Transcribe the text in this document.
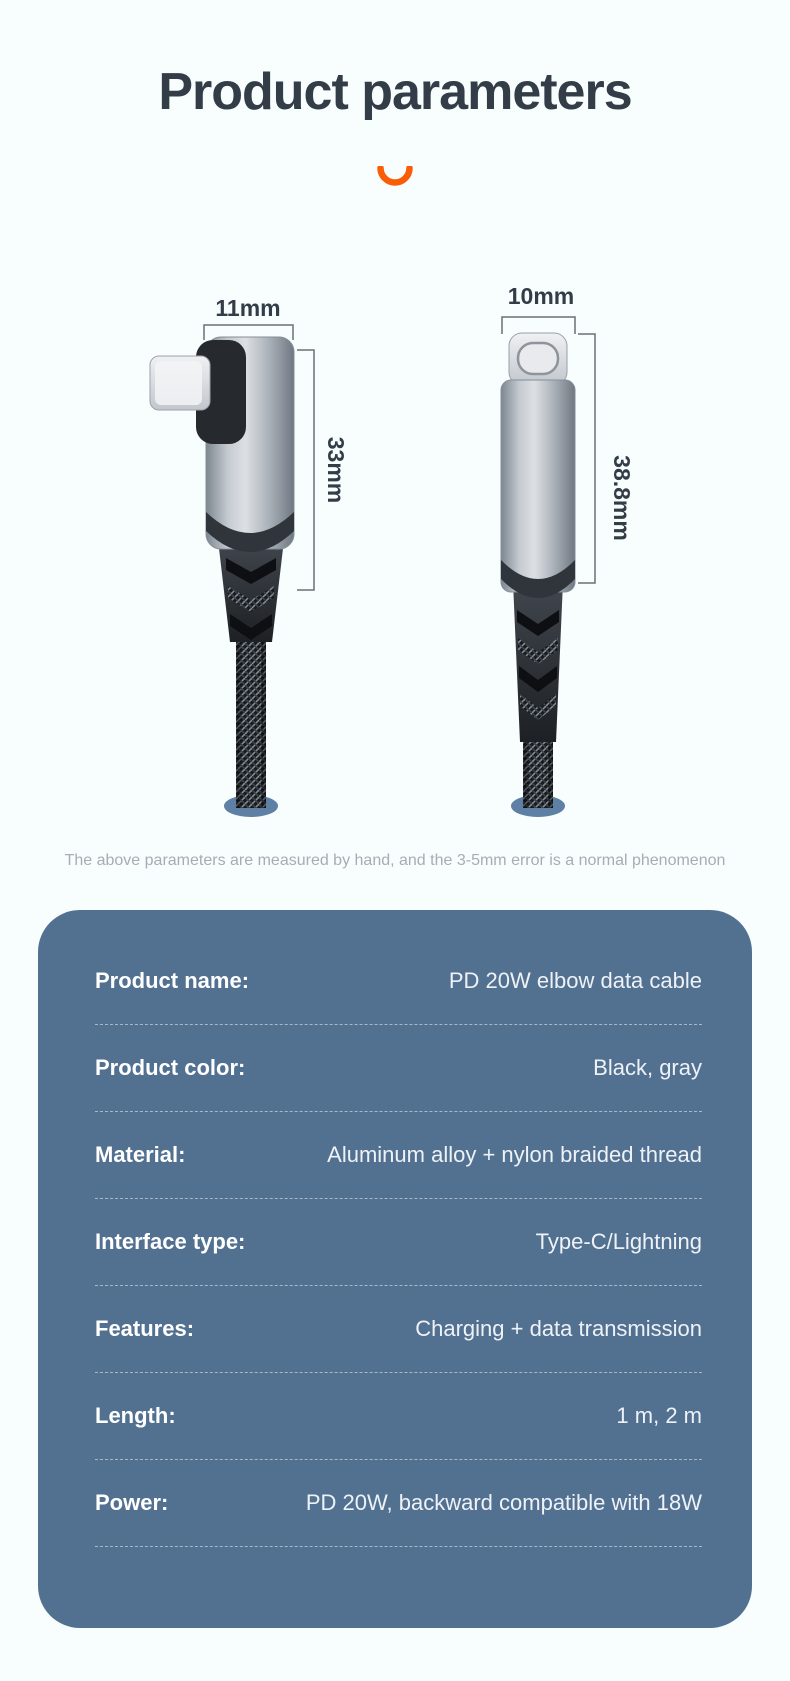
Product parameters
11mm
33mm
10mm
38.8mm

The above parameters are measured by hand, and the 3-5mm error is a normal phenomenon

Product name:	PD 20W elbow data cable
Product color:	Black, gray
Material:	Aluminum alloy + nylon braided thread
Interface type:	Type-C/Lightning
Features:	Charging + data transmission
Length:	1 m, 2 m
Power:	PD 20W, backward compatible with 18W
